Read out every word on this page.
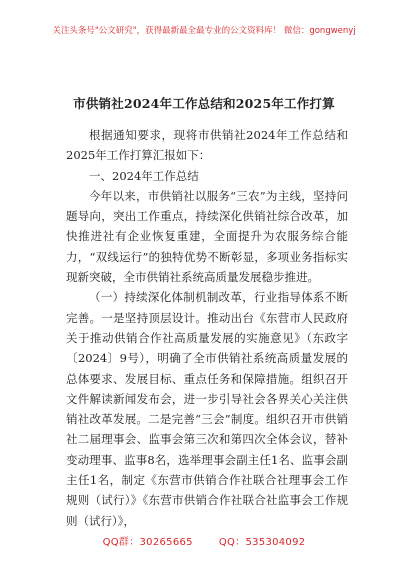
关注头条号"公文研究"，获得最新最全最专业的公文资料库！ 微信：gongwenyj
市供销社2024年工作总结和2025年工作打算

根据通知要求，现将市供销社2024年工作总结和2025年工作打算汇报如下：

一、2024年工作总结

今年以来，市供销社以服务“三农”为主线，坚持问题导向，突出工作重点，持续深化供销社综合改革，加快推进社有企业恢复重建，全面提升为农服务综合能力，“双线运行”的独特优势不断彰显，多项业务指标实现新突破，全市供销社系统高质量发展稳步推进。

（一）持续深化体制机制改革，行业指导体系不断完善。一是坚持顶层设计。推动出台《东营市人民政府关于推动供销合作社高质量发展的实施意见》（东政字〔2024〕9号），明确了全市供销社系统高质量发展的总体要求、发展目标、重点任务和保障措施。组织召开文件解读新闻发布会，进一步引导社会各界关心关注供销社改革发展。二是完善“三会”制度。组织召开市供销社二届理事会、监事会第三次和第四次全体会议，替补变动理事、监事8名，选举理事会副主任1名、监事会副主任1名，制定《东营市供销合作社联合社理事会工作规则（试行）》《东营市供销合作社联合社监事会工作规则（试行）》，

QQ群：30265665	QQ：535304092
